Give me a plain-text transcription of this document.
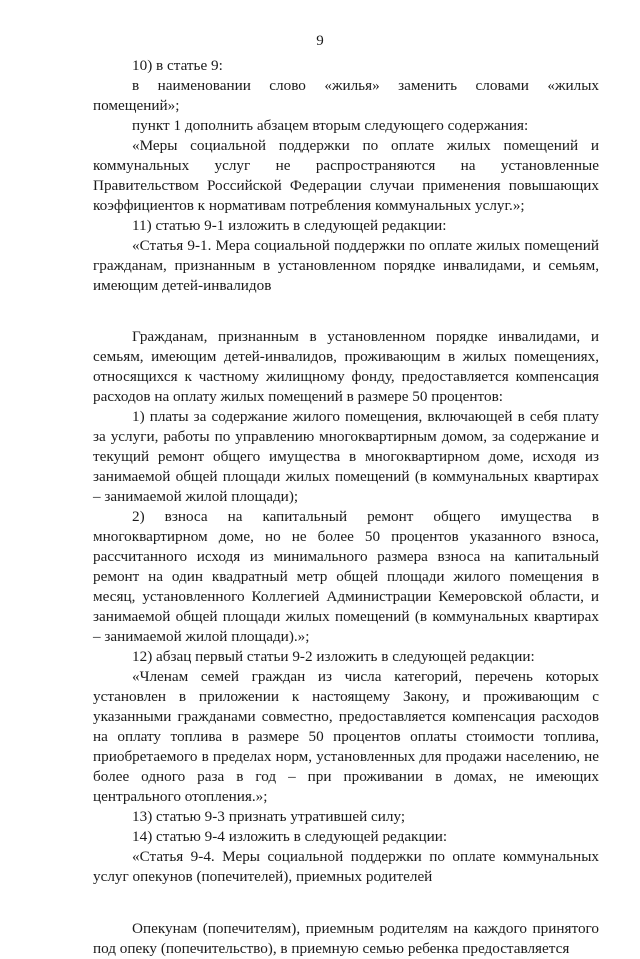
9

10) в статье 9:

в наименовании слово «жилья» заменить словами «жилых помещений»;

пункт 1 дополнить абзацем вторым следующего содержания:

«Меры социальной поддержки по оплате жилых помещений и коммунальных услуг не распространяются на установленные Правительством Российской Федерации случаи применения повышающих коэффициентов к нормативам потребления коммунальных услуг.»;

11) статью 9-1 изложить в следующей редакции:

«Статья 9-1. Мера социальной поддержки по оплате жилых помещений гражданам, признанным в установленном порядке инвалидами, и семьям, имеющим детей-инвалидов

Гражданам, признанным в установленном порядке инвалидами, и семьям, имеющим детей-инвалидов, проживающим в жилых помещениях, относящихся к частному жилищному фонду, предоставляется компенсация расходов на оплату жилых помещений в размере 50 процентов:

1) платы за содержание жилого помещения, включающей в себя плату за услуги, работы по управлению многоквартирным домом, за содержание и текущий ремонт общего имущества в многоквартирном доме, исходя из занимаемой общей площади жилых помещений (в коммунальных квартирах – занимаемой жилой площади);

2) взноса на капитальный ремонт общего имущества в многоквартирном доме, но не более 50 процентов указанного взноса, рассчитанного исходя из минимального размера взноса на капитальный ремонт на один квадратный метр общей площади жилого помещения в месяц, установленного Коллегией Администрации Кемеровской области, и занимаемой общей площади жилых помещений (в коммунальных квартирах – занимаемой жилой площади).»;

12) абзац первый статьи 9-2 изложить в следующей редакции:

«Членам семей граждан из числа категорий, перечень которых установлен в приложении к настоящему Закону, и проживающим с указанными гражданами совместно, предоставляется компенсация расходов на оплату топлива в размере 50 процентов оплаты стоимости топлива, приобретаемого в пределах норм, установленных для продажи населению, не более одного раза в год – при проживании в домах, не имеющих центрального отопления.»;

13) статью 9-3 признать утратившей силу;

14) статью 9-4 изложить в следующей редакции:

«Статья 9-4. Меры социальной поддержки по оплате коммунальных услуг опекунов (попечителей), приемных родителей

Опекунам (попечителям), приемным родителям на каждого принятого под опеку (попечительство), в приемную семью ребенка предоставляется
